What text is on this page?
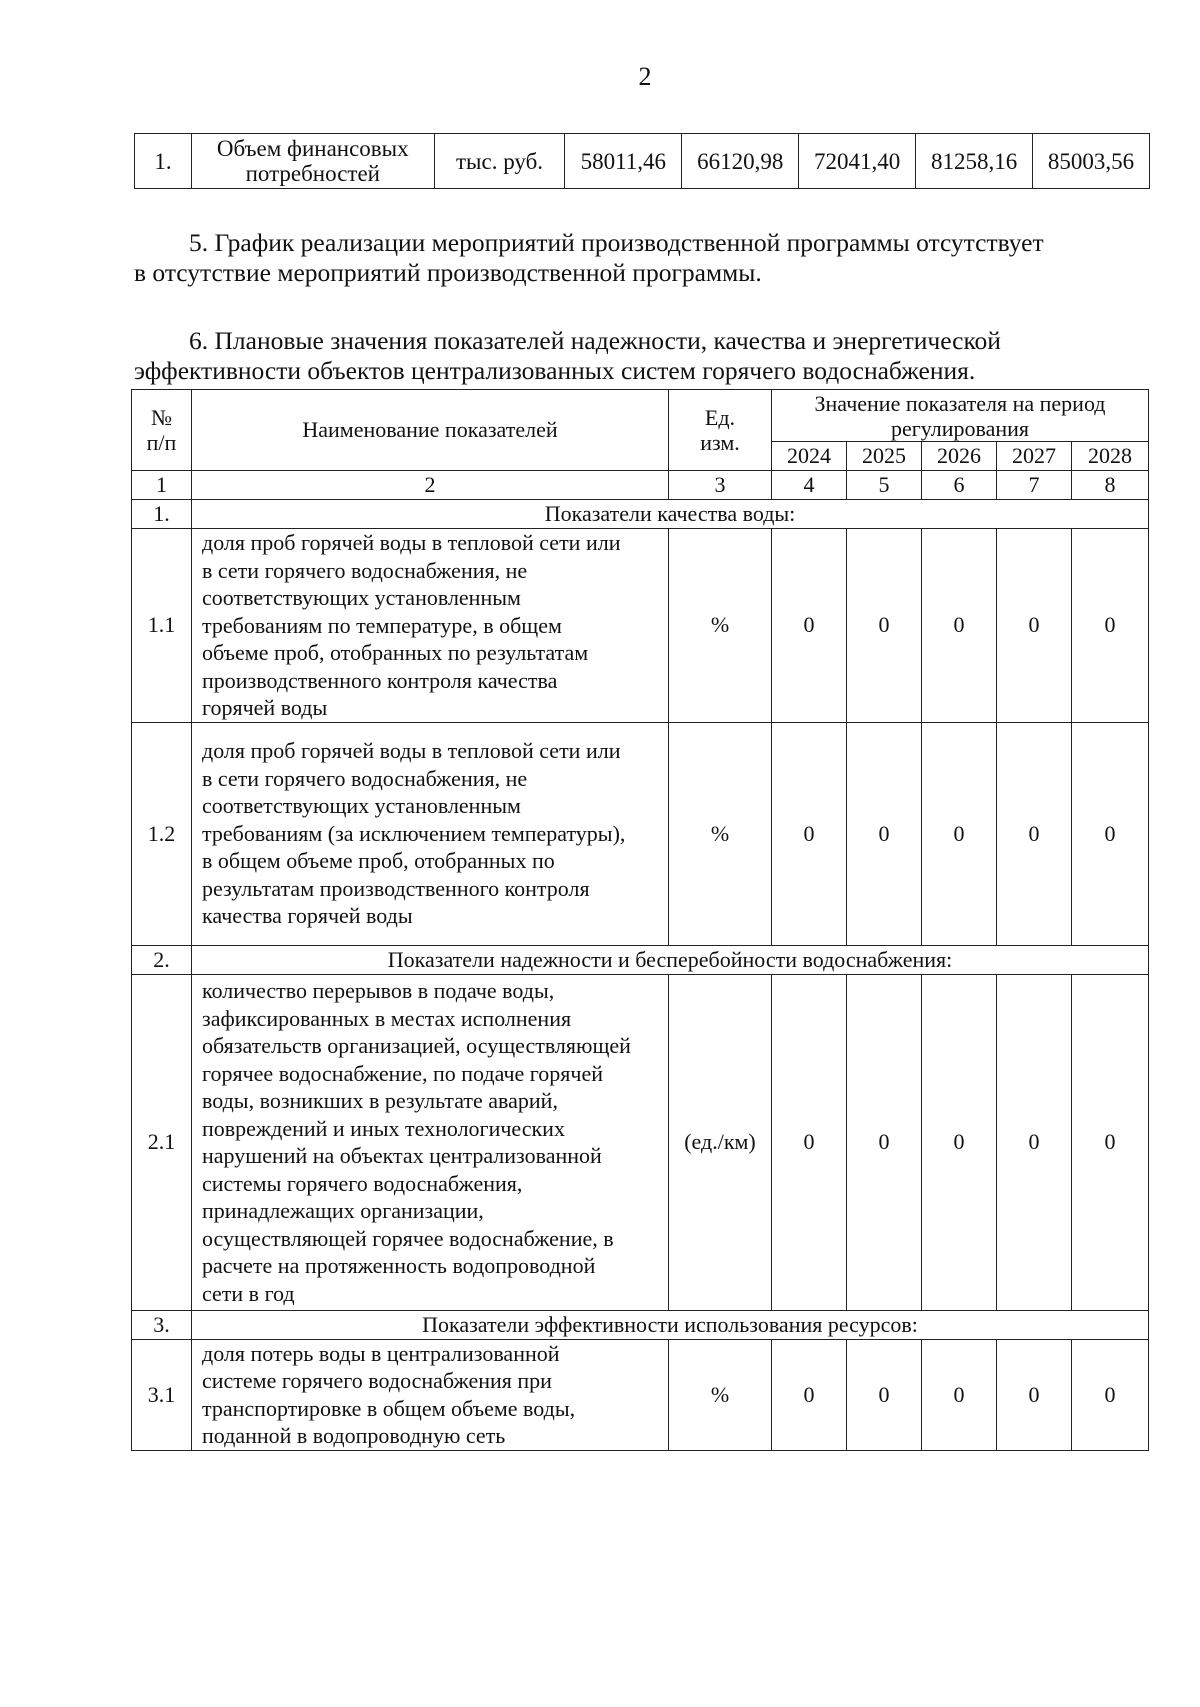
2
1.	Объем финансовых потребностей	тыс. руб.	58011,46	66120,98	72041,40	81258,16	85003,56
5. График реализации мероприятий производственной программы отсутствует
в отсутствие мероприятий производственной программы.
6. Плановые значения показателей надежности, качества и энергетической
эффективности объектов централизованных систем горячего водоснабжения.
№ п/п	Наименование показателей	Ед. изм.	Значение показателя на период регулирования				
			2024	2025	2026	2027	2028
1	2	3	4	5	6	7	8
1.	Показатели качества воды:						
1.1	доля проб горячей воды в тепловой сети или в сети горячего водоснабжения, не соответствующих установленным требованиям по температуре, в общем объеме проб, отобранных по результатам производственного контроля качества горячей воды	%	0	0	0	0	0
1.2	доля проб горячей воды в тепловой сети или в сети горячего водоснабжения, не соответствующих установленным требованиям (за исключением температуры), в общем объеме проб, отобранных по результатам производственного контроля качества горячей воды	%	0	0	0	0	0
2.	Показатели надежности и бесперебойности водоснабжения:						
2.1	количество перерывов в подаче воды, зафиксированных в местах исполнения обязательств организацией, осуществляющей горячее водоснабжение, по подаче горячей воды, возникших в результате аварий, повреждений и иных технологических нарушений на объектах централизованной системы горячего водоснабжения, принадлежащих организации, осуществляющей горячее водоснабжение, в расчете на протяженность водопроводной сети в год	(ед./км)	0	0	0	0	0
3.	Показатели эффективности использования ресурсов:						
3.1	доля потерь воды в централизованной системе горячего водоснабжения при транспортировке в общем объеме воды, поданной в водопроводную сеть	%	0	0	0	0	0
